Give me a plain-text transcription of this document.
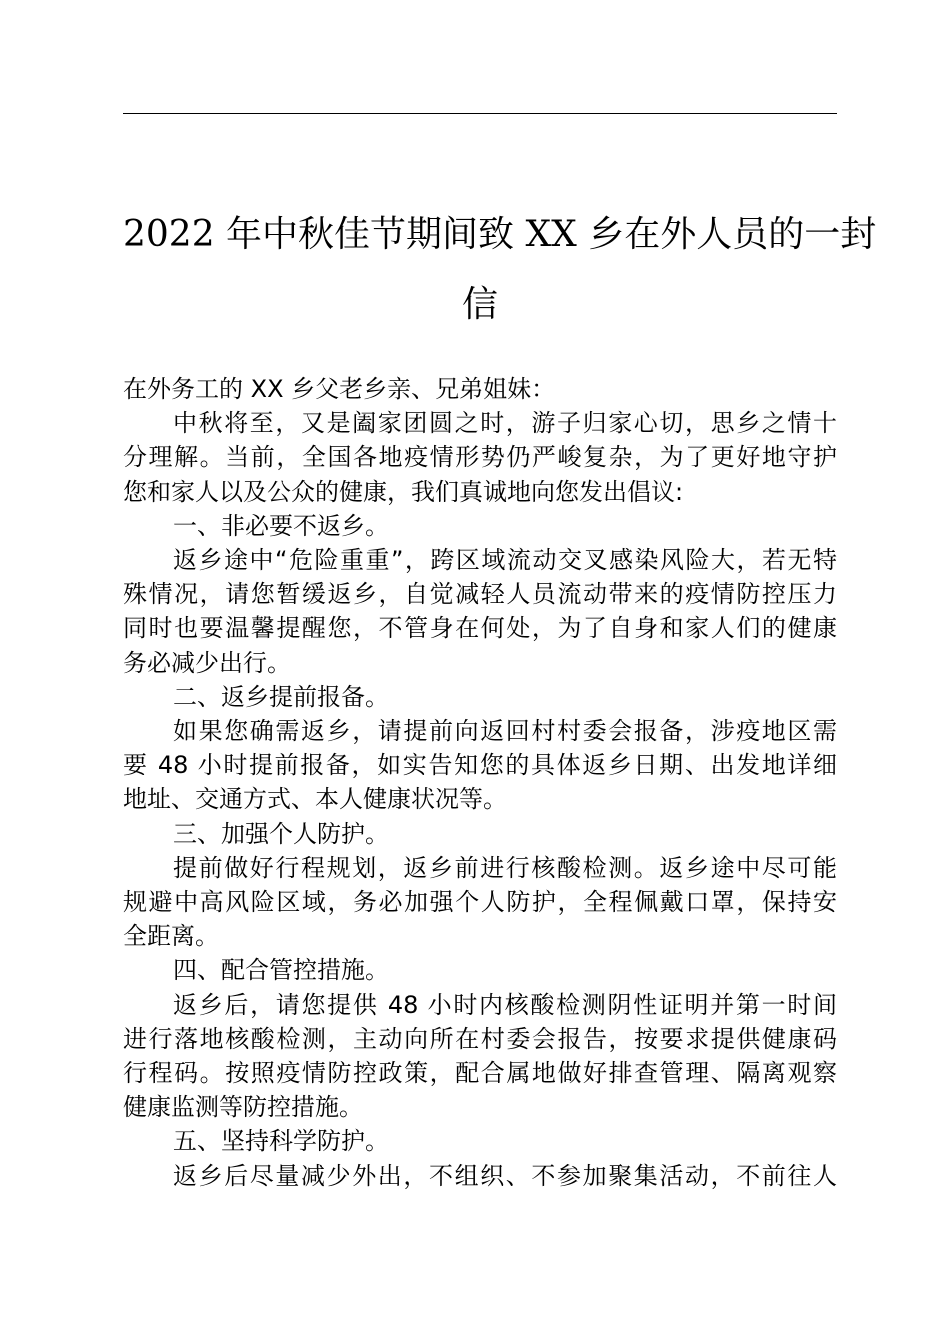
2022 年中秋佳节期间致 XX 乡在外人员的一封
信
在外务工的 XX 乡父老乡亲、兄弟姐妹：
中秋将至，又是阖家团圆之时，游子归家心切，思乡之情十
分理解。当前，全国各地疫情形势仍严峻复杂，为了更好地守护
您和家人以及公众的健康，我们真诚地向您发出倡议:
一、非必要不返乡。
返乡途中“危险重重”，跨区域流动交叉感染风险大，若无特
殊情况，请您暂缓返乡，自觉减轻人员流动带来的疫情防控压力
同时也要温馨提醒您，不管身在何处，为了自身和家人们的健康
务必减少出行。
二、返乡提前报备。
如果您确需返乡，请提前向返回村村委会报备，涉疫地区需
要 48 小时提前报备，如实告知您的具体返乡日期、出发地详细
地址、交通方式、本人健康状况等。
三、加强个人防护。
提前做好行程规划，返乡前进行核酸检测。返乡途中尽可能
规避中高风险区域，务必加强个人防护，全程佩戴口罩，保持安
全距离。
四、配合管控措施。
返乡后，请您提供 48 小时内核酸检测阴性证明并第一时间
进行落地核酸检测，主动向所在村委会报告，按要求提供健康码
行程码。按照疫情防控政策，配合属地做好排查管理、隔离观察
健康监测等防控措施。
五、坚持科学防护。
返乡后尽量减少外出，不组织、不参加聚集活动，不前往人
